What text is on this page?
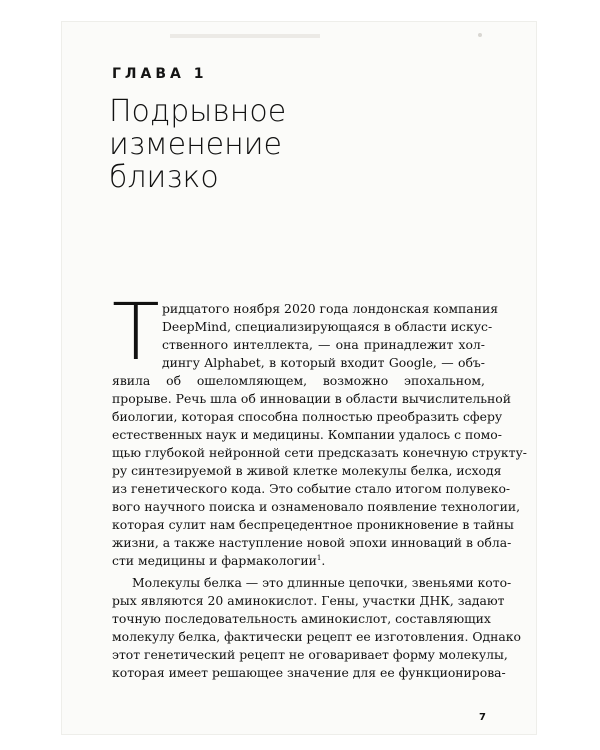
ГЛАВА 1
Подрывное
изменение
близко
Т ридцатого ноября 2020 года лондонская компания
DeepMind, специализирующаяся в области искус-
ственного интеллекта, — она принадлежит хол-
дингу Alphabet, в который входит Google, — объ-
явила об ошеломляющем, возможно эпохальном,
прорыве. Речь шла об инновации в области вычислительной
биологии, которая способна полностью преобразить сферу
естественных наук и медицины. Компании удалось с помо-
щью глубокой нейронной сети предсказать конечную структу-
ру синтезируемой в живой клетке молекулы белка, исходя
из генетического кода. Это событие стало итогом полувеко-
вого научного поиска и ознаменовало появление технологии,
которая сулит нам беспрецедентное проникновение в тайны
жизни, а также наступление новой эпохи инноваций в обла-
сти медицины и фармакологии$^1$.

Молекулы белка — это длинные цепочки, звеньями кото-
рых являются 20 аминокислот. Гены, участки ДНК, задают
точную последовательность аминокислот, составляющих
молекулу белка, фактически рецепт ее изготовления. Однако
этот генетический рецепт не оговаривает форму молекулы,
которая имеет решающее значение для ее функционирова-

7
